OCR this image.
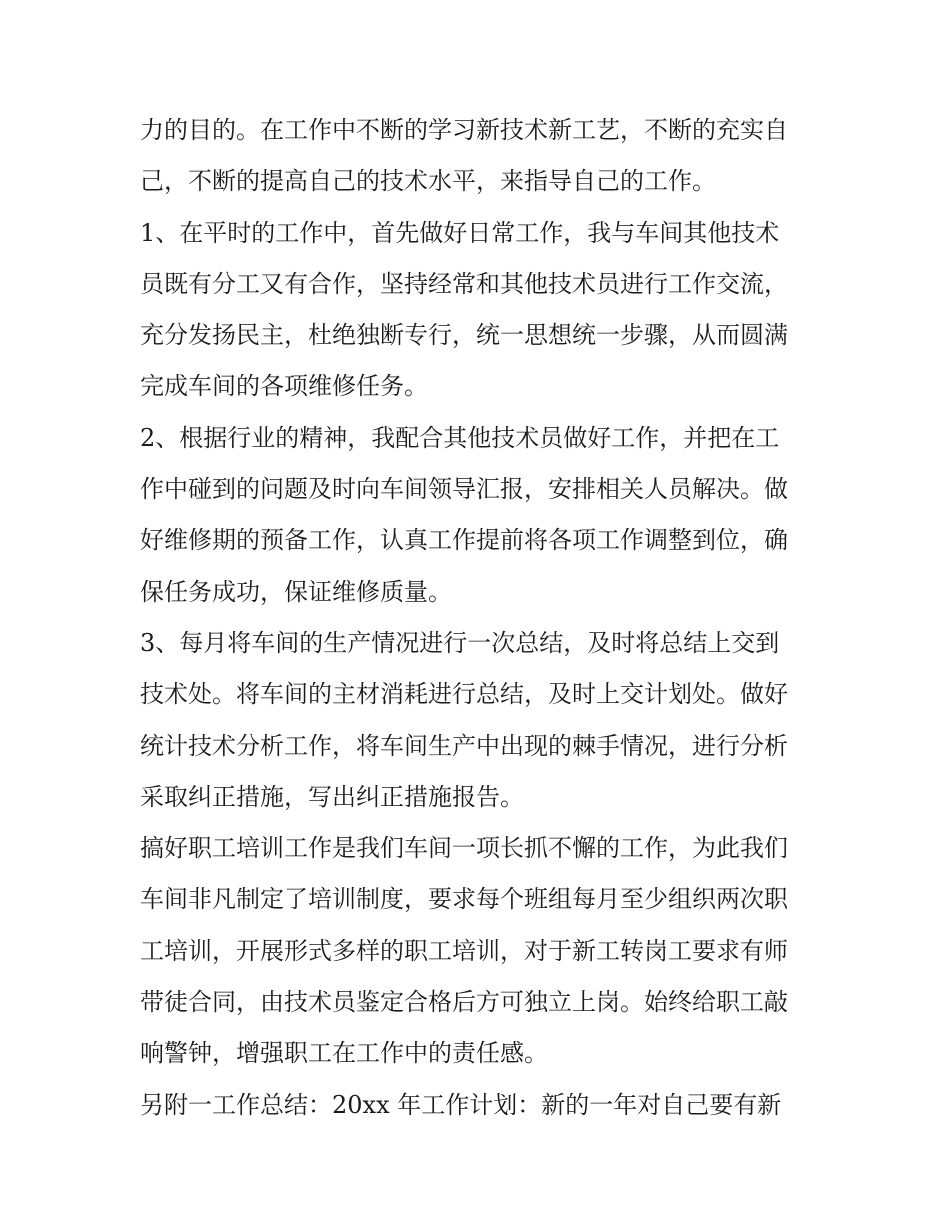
力的目的。在工作中不断的学习新技术新工艺，不断的充实自
己，不断的提高自己的技术水平，来指导自己的工作。
1、在平时的工作中，首先做好日常工作，我与车间其他技术
员既有分工又有合作，坚持经常和其他技术员进行工作交流，
充分发扬民主，杜绝独断专行，统一思想统一步骤，从而圆满
完成车间的各项维修任务。
2、根据行业的精神，我配合其他技术员做好工作，并把在工
作中碰到的问题及时向车间领导汇报，安排相关人员解决。做
好维修期的预备工作，认真工作提前将各项工作调整到位，确
保任务成功，保证维修质量。
3、每月将车间的生产情况进行一次总结，及时将总结上交到
技术处。将车间的主材消耗进行总结，及时上交计划处。做好
统计技术分析工作，将车间生产中出现的棘手情况，进行分析
采取纠正措施，写出纠正措施报告。
搞好职工培训工作是我们车间一项长抓不懈的工作，为此我们
车间非凡制定了培训制度，要求每个班组每月至少组织两次职
工培训，开展形式多样的职工培训，对于新工转岗工要求有师
带徒合同，由技术员鉴定合格后方可独立上岗。始终给职工敲
响警钟，增强职工在工作中的责任感。
另附一工作总结：20xx 年工作计划：新的一年对自己要有新
